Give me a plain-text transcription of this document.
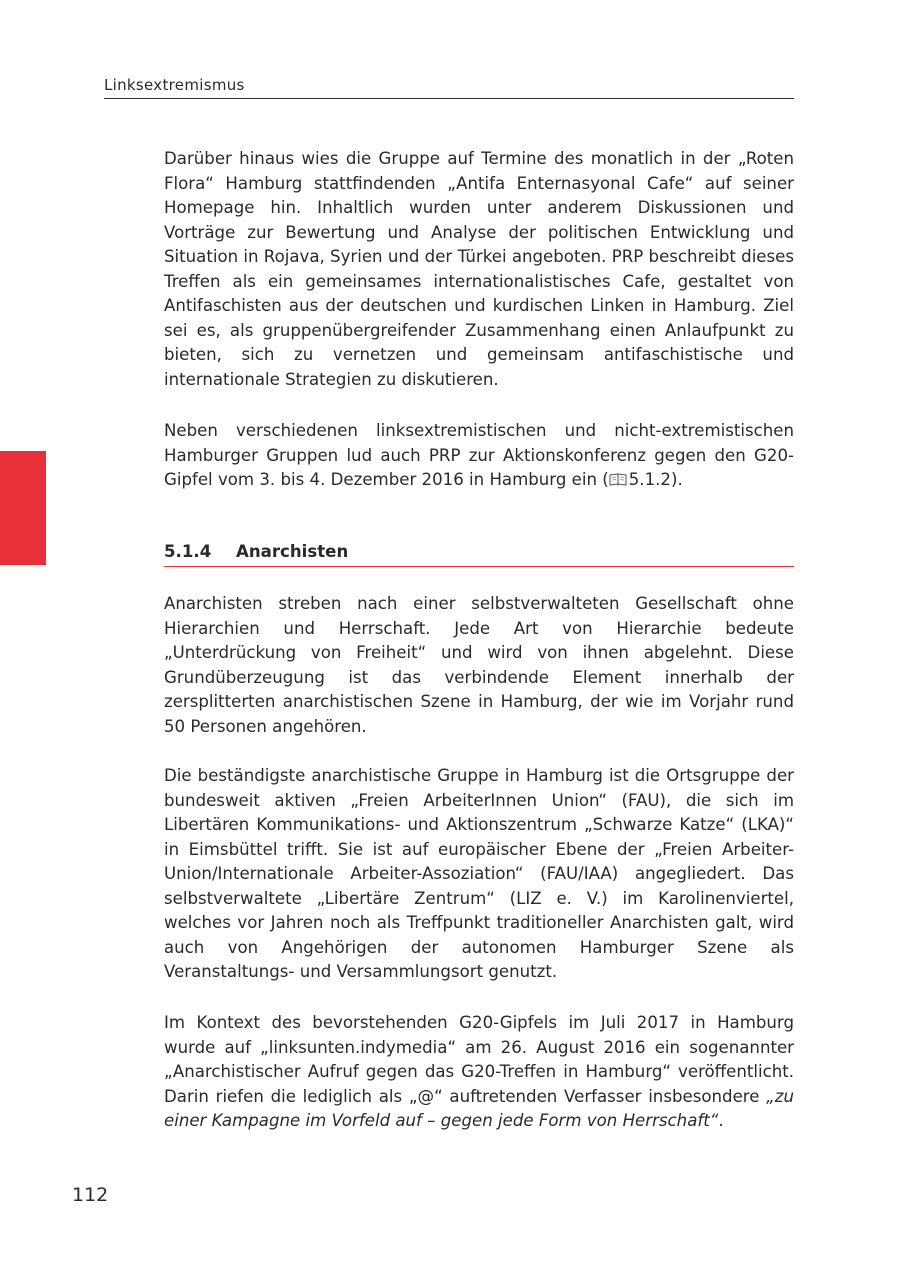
Linksextremismus

Darüber hinaus wies die Gruppe auf Termine des monatlich in der „Roten Flora“ Hamburg stattfindenden „Antifa Enternasyonal Cafe“ auf seiner Homepage hin. Inhaltlich wurden unter anderem Diskussionen und Vorträge zur Bewertung und Analyse der politischen Entwicklung und Situation in Rojava, Syrien und der Türkei angeboten. PRP beschreibt dieses Treffen als ein gemeinsames internationalistisches Cafe, gestaltet von Antifaschisten aus der deutschen und kurdischen Linken in Hamburg. Ziel sei es, als gruppenübergreifender Zusammenhang einen Anlaufpunkt zu bieten, sich zu vernetzen und gemeinsam antifaschistische und internationale Strategien zu diskutieren.

Neben verschiedenen linksextremistischen und nicht-extremistischen Hamburger Gruppen lud auch PRP zur Aktionskonferenz gegen den G20-Gipfel vom 3. bis 4. Dezember 2016 in Hamburg ein ( 5.1.2).

5.1.4 Anarchisten

Anarchisten streben nach einer selbstverwalteten Gesellschaft ohne Hierarchien und Herrschaft. Jede Art von Hierarchie bedeute „Unterdrückung von Freiheit“ und wird von ihnen abgelehnt. Diese Grundüberzeugung ist das verbindende Element innerhalb der zersplitterten anarchistischen Szene in Hamburg, der wie im Vorjahr rund 50 Personen angehören.

Die beständigste anarchistische Gruppe in Hamburg ist die Ortsgruppe der bundesweit aktiven „Freien ArbeiterInnen Union“ (FAU), die sich im Libertären Kommunikations- und Aktionszentrum „Schwarze Katze“ (LKA)“ in Eimsbüttel trifft. Sie ist auf europäischer Ebene der „Freien Arbeiter-Union/Internationale Arbeiter-Assoziation“ (FAU/IAA) angegliedert. Das selbstverwaltete „Libertäre Zentrum“ (LIZ e. V.) im Karolinenviertel, welches vor Jahren noch als Treffpunkt traditioneller Anarchisten galt, wird auch von Angehörigen der autonomen Hamburger Szene als Veranstaltungs- und Versammlungsort genutzt.

Im Kontext des bevorstehenden G20-Gipfels im Juli 2017 in Hamburg wurde auf „linksunten.indymedia“ am 26. August 2016 ein sogenannter „Anarchistischer Aufruf gegen das G20-Treffen in Hamburg“ veröffentlicht. Darin riefen die lediglich als „@“ auftretenden Verfasser insbesondere „zu einer Kampagne im Vorfeld auf – gegen jede Form von Herrschaft“.

112
